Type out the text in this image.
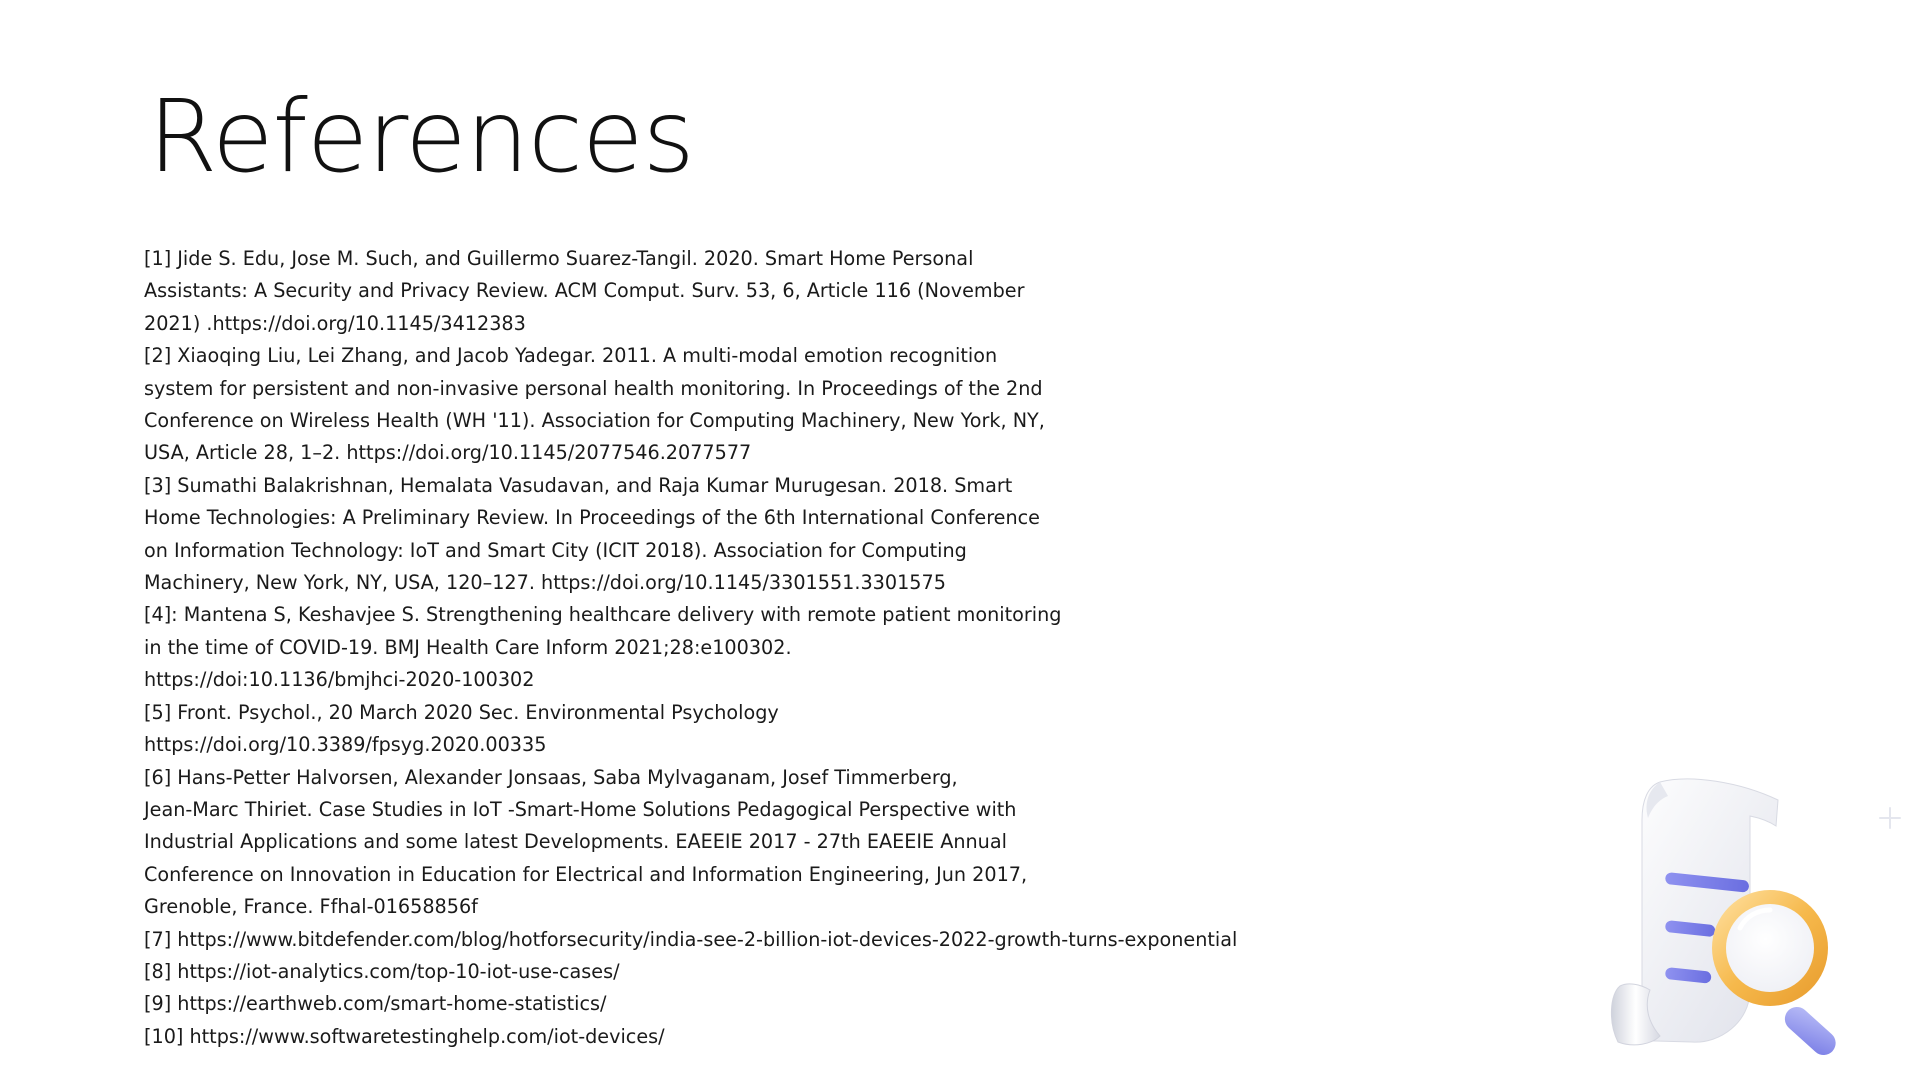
References
[1] Jide S. Edu, Jose M. Such, and Guillermo Suarez-Tangil. 2020. Smart Home Personal
Assistants: A Security and Privacy Review. ACM Comput. Surv. 53, 6, Article 116 (November
2021) .https://doi.org/10.1145/3412383
[2] Xiaoqing Liu, Lei Zhang, and Jacob Yadegar. 2011. A multi-modal emotion recognition
system for persistent and non-invasive personal health monitoring. In Proceedings of the 2nd
Conference on Wireless Health (WH '11). Association for Computing Machinery, New York, NY,
USA, Article 28, 1–2. https://doi.org/10.1145/2077546.2077577
[3] Sumathi Balakrishnan, Hemalata Vasudavan, and Raja Kumar Murugesan. 2018. Smart
Home Technologies: A Preliminary Review. In Proceedings of the 6th International Conference
on Information Technology: IoT and Smart City (ICIT 2018). Association for Computing
Machinery, New York, NY, USA, 120–127. https://doi.org/10.1145/3301551.3301575
[4]: Mantena S, Keshavjee S. Strengthening healthcare delivery with remote patient monitoring
in the time of COVID-19. BMJ Health Care Inform 2021;28:e100302.
https://doi:10.1136/bmjhci-2020-100302
[5] Front. Psychol., 20 March 2020 Sec. Environmental Psychology
https://doi.org/10.3389/fpsyg.2020.00335
[6] Hans-Petter Halvorsen, Alexander Jonsaas, Saba Mylvaganam, Josef Timmerberg,
Jean-Marc Thiriet. Case Studies in IoT -Smart-Home Solutions Pedagogical Perspective with
Industrial Applications and some latest Developments. EAEEIE 2017 - 27th EAEEIE Annual
Conference on Innovation in Education for Electrical and Information Engineering, Jun 2017,
Grenoble, France. Ffhal-01658856f
[7] https://www.bitdefender.com/blog/hotforsecurity/india-see-2-billion-iot-devices-2022-growth-turns-exponential
[8] https://iot-analytics.com/top-10-iot-use-cases/
[9] https://earthweb.com/smart-home-statistics/
[10] https://www.softwaretestinghelp.com/iot-devices/
